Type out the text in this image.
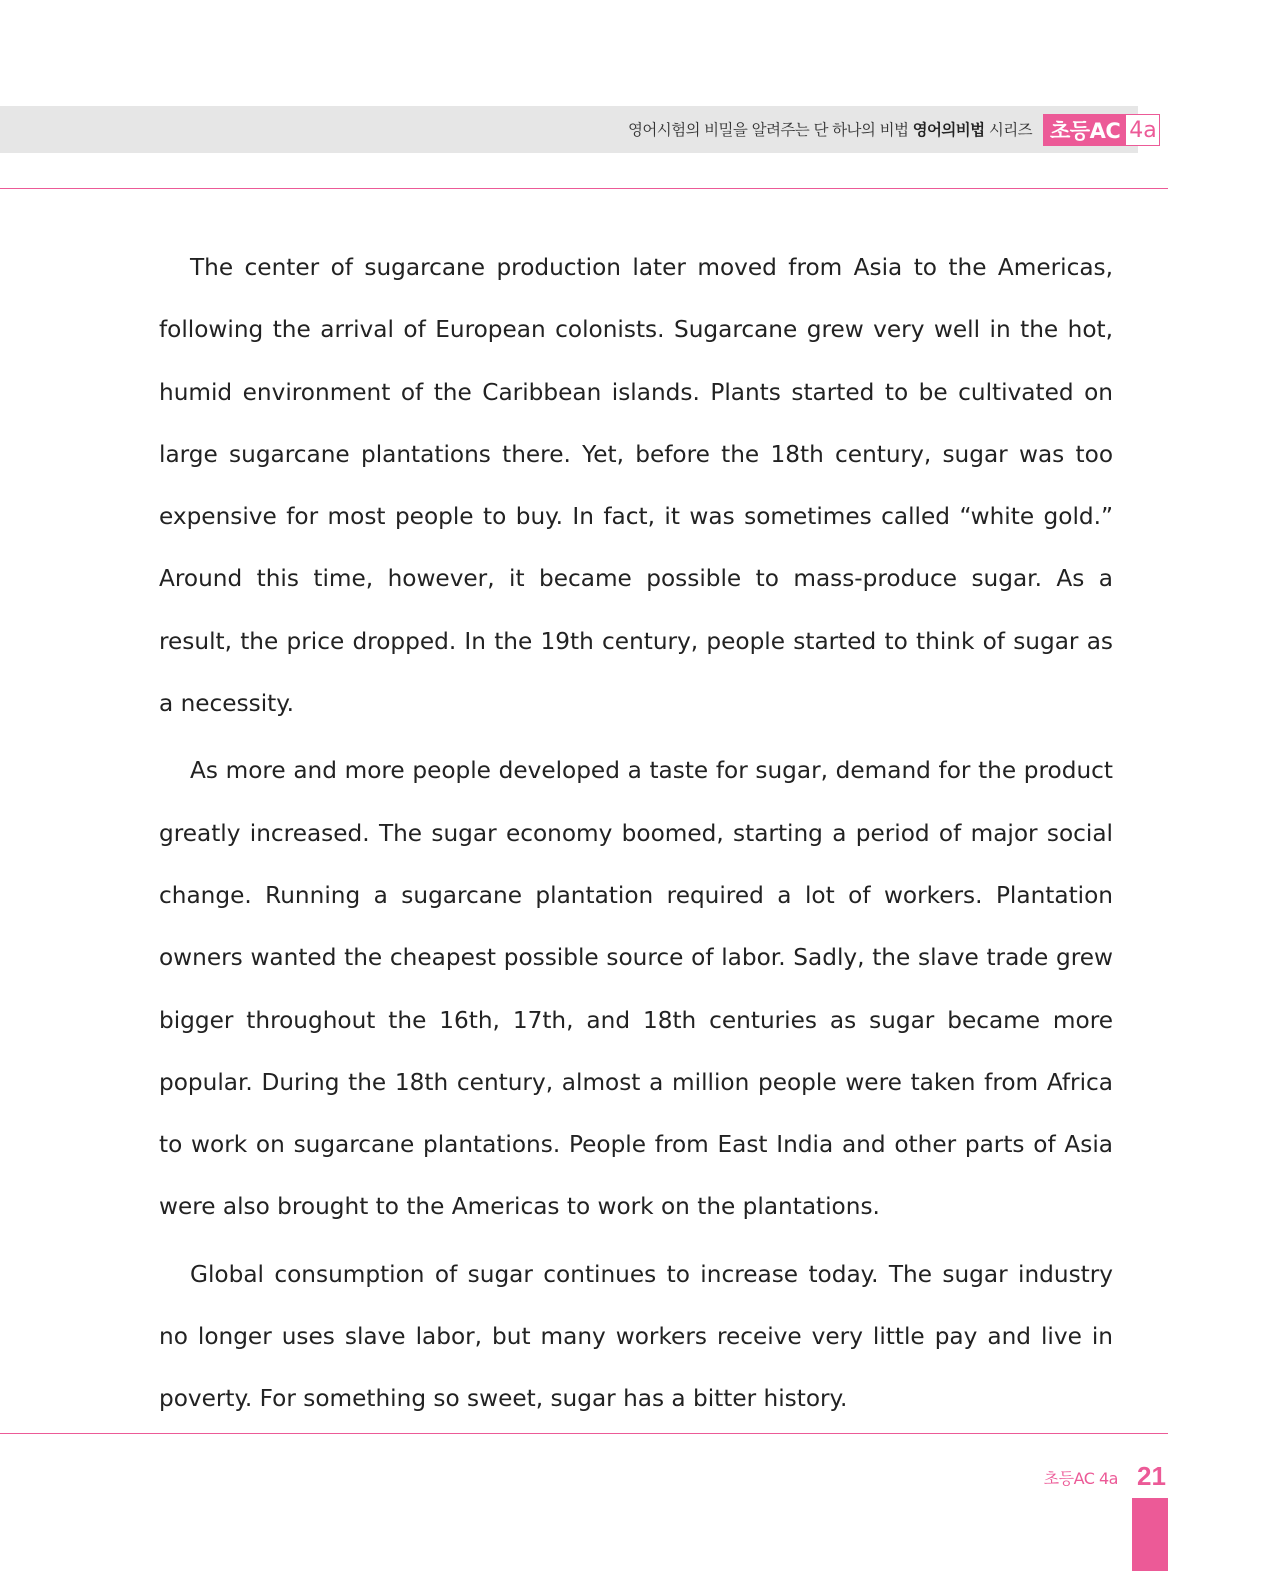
영어시험의 비밀을 알려주는 단 하나의 비법 영어의비법 시리즈 초등AC 4a

The center of sugarcane production later moved from Asia to the Americas, following the arrival of European colonists. Sugarcane grew very well in the hot, humid environment of the Caribbean islands. Plants started to be cultivated on large sugarcane plantations there. Yet, before the 18th century, sugar was too expensive for most people to buy. In fact, it was sometimes called “white gold.” Around this time, however, it became possible to mass-produce sugar. As a result, the price dropped. In the 19th century, people started to think of sugar as a necessity.

As more and more people developed a taste for sugar, demand for the product greatly increased. The sugar economy boomed, starting a period of major social change. Running a sugarcane plantation required a lot of workers. Plantation owners wanted the cheapest possible source of labor. Sadly, the slave trade grew bigger throughout the 16th, 17th, and 18th centuries as sugar became more popular. During the 18th century, almost a million people were taken from Africa to work on sugarcane plantations. People from East India and other parts of Asia were also brought to the Americas to work on the plantations.

Global consumption of sugar continues to increase today. The sugar industry no longer uses slave labor, but many workers receive very little pay and live in poverty. For something so sweet, sugar has a bitter history.

초등AC 4a 21
